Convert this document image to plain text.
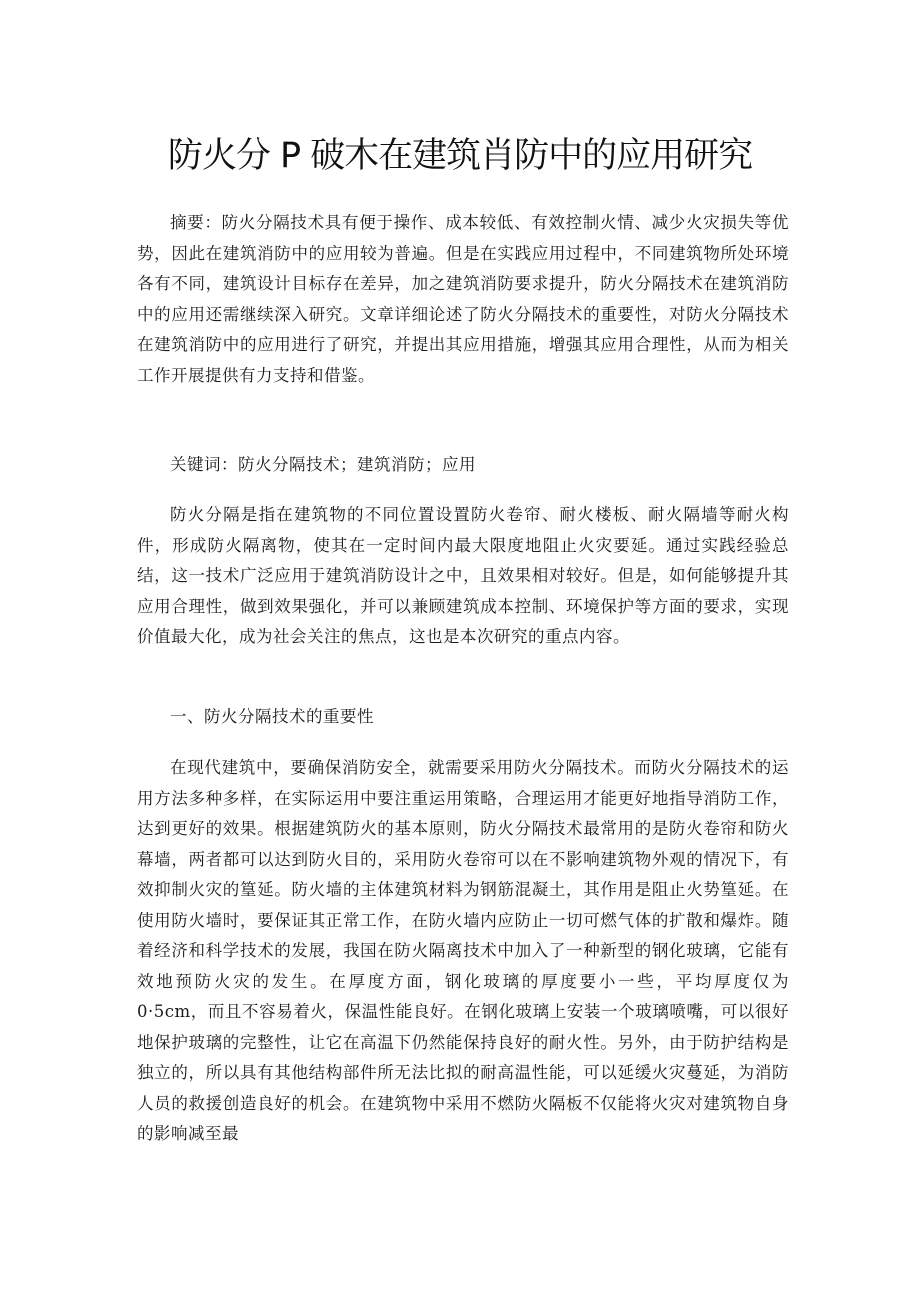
防火分 P 破木在建筑肖防中的应用研究

摘要：防火分隔技术具有便于操作、成本较低、有效控制火情、减少火灾损失等优势，因此在建筑消防中的应用较为普遍。但是在实践应用过程中，不同建筑物所处环境各有不同，建筑设计目标存在差异，加之建筑消防要求提升，防火分隔技术在建筑消防中的应用还需继续深入研究。文章详细论述了防火分隔技术的重要性，对防火分隔技术在建筑消防中的应用进行了研究，并提出其应用措施，增强其应用合理性，从而为相关工作开展提供有力支持和借鉴。

关键词：防火分隔技术；建筑消防；应用

防火分隔是指在建筑物的不同位置设置防火卷帘、耐火楼板、耐火隔墙等耐火构件，形成防火隔离物，使其在一定时间内最大限度地阻止火灾要延。通过实践经验总结，这一技术广泛应用于建筑消防设计之中，且效果相对较好。但是，如何能够提升其应用合理性，做到效果强化，并可以兼顾建筑成本控制、环境保护等方面的要求，实现价值最大化，成为社会关注的焦点，这也是本次研究的重点内容。

一、防火分隔技术的重要性

在现代建筑中，要确保消防安全，就需要采用防火分隔技术。而防火分隔技术的运用方法多种多样，在实际运用中要注重运用策略，合理运用才能更好地指导消防工作，达到更好的效果。根据建筑防火的基本原则，防火分隔技术最常用的是防火卷帘和防火幕墙，两者都可以达到防火目的，采用防火卷帘可以在不影响建筑物外观的情况下，有效抑制火灾的篁延。防火墙的主体建筑材料为钢筋混凝土，其作用是阻止火势篁延。在使用防火墙时，要保证其正常工作，在防火墙内应防止一切可燃气体的扩散和爆炸。随着经济和科学技术的发展，我国在防火隔离技术中加入了一种新型的钢化玻璃，它能有效地预防火灾的发生。在厚度方面，钢化玻璃的厚度要小一些，平均厚度仅为 0·5cm，而且不容易着火，保温性能良好。在钢化玻璃上安装一个玻璃喷嘴，可以很好地保护玻璃的完整性，让它在高温下仍然能保持良好的耐火性。另外，由于防护结构是独立的，所以具有其他结构部件所无法比拟的耐高温性能，可以延缓火灾蔓延，为消防人员的救援创造良好的机会。在建筑物中采用不燃防火隔板不仅能将火灾对建筑物自身的影响减至最
